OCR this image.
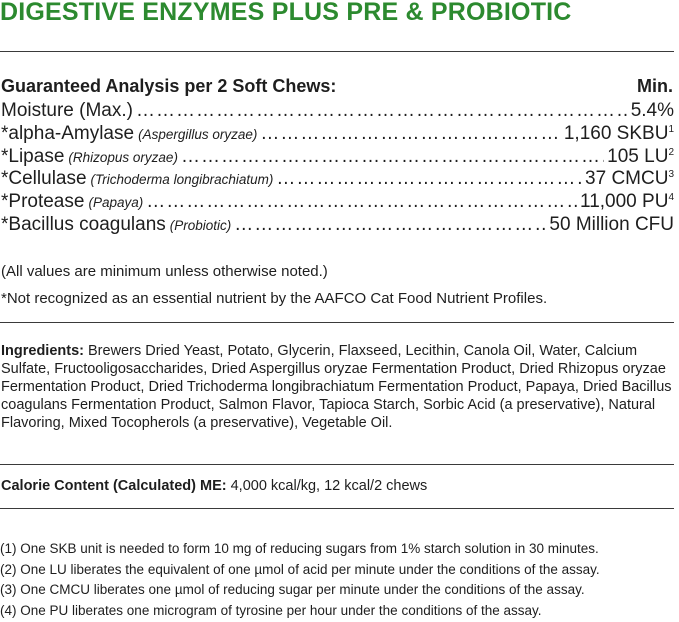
DIGESTIVE ENZYMES PLUS PRE & PROBIOTIC
Guaranteed Analysis per 2 Soft Chews:	Min.
Moisture (Max.) ……………………………………………………………………………………………………………………………	5.4%
*alpha-Amylase (Aspergillus oryzae) ……………………………………………………………………………………………………………………………	1,160 SKBU$^1$
*Lipase (Rhizopus oryzae) ……………………………………………………………………………………………………………………………	105 $LU^2$
*Cellulase (Trichoderma longibrachiatum) ……………………………………………………………………………………………………………………………	37 CMCU$^3$
*Protease (Papaya) ……………………………………………………………………………………………………………………………	11,000 $PU^4$
*Bacillus coagulans (Probiotic) ……………………………………………………………………………………………………………………………	50 Million CFU
(All values are minimum unless otherwise noted.)
*Not recognized as an essential nutrient by the AAFCO Cat Food Nutrient Profiles.
Ingredients: Brewers Dried Yeast, Potato, Glycerin, Flaxseed, Lecithin, Canola Oil, Water, Calcium Sulfate, Fructooligosaccharides, Dried Aspergillus oryzae Fermentation Product, Dried Rhizopus oryzae Fermentation Product, Dried Trichoderma longibrachiatum Fermentation Product, Papaya, Dried Bacillus coagulans Fermentation Product, Salmon Flavor, Tapioca Starch, Sorbic Acid (a preservative), Natural Flavoring, Mixed Tocopherols (a preservative), Vegetable Oil.
Calorie Content (Calculated) ME: 4,000 kcal/kg, 12 kcal/2 chews
(1) One SKB unit is needed to form 10 mg of reducing sugars from 1% starch solution in 30 minutes.
(2) One LU liberates the equivalent of one µmol of acid per minute under the conditions of the assay.
(3) One CMCU liberates one µmol of reducing sugar per minute under the conditions of the assay.
(4) One PU liberates one microgram of tyrosine per hour under the conditions of the assay.
